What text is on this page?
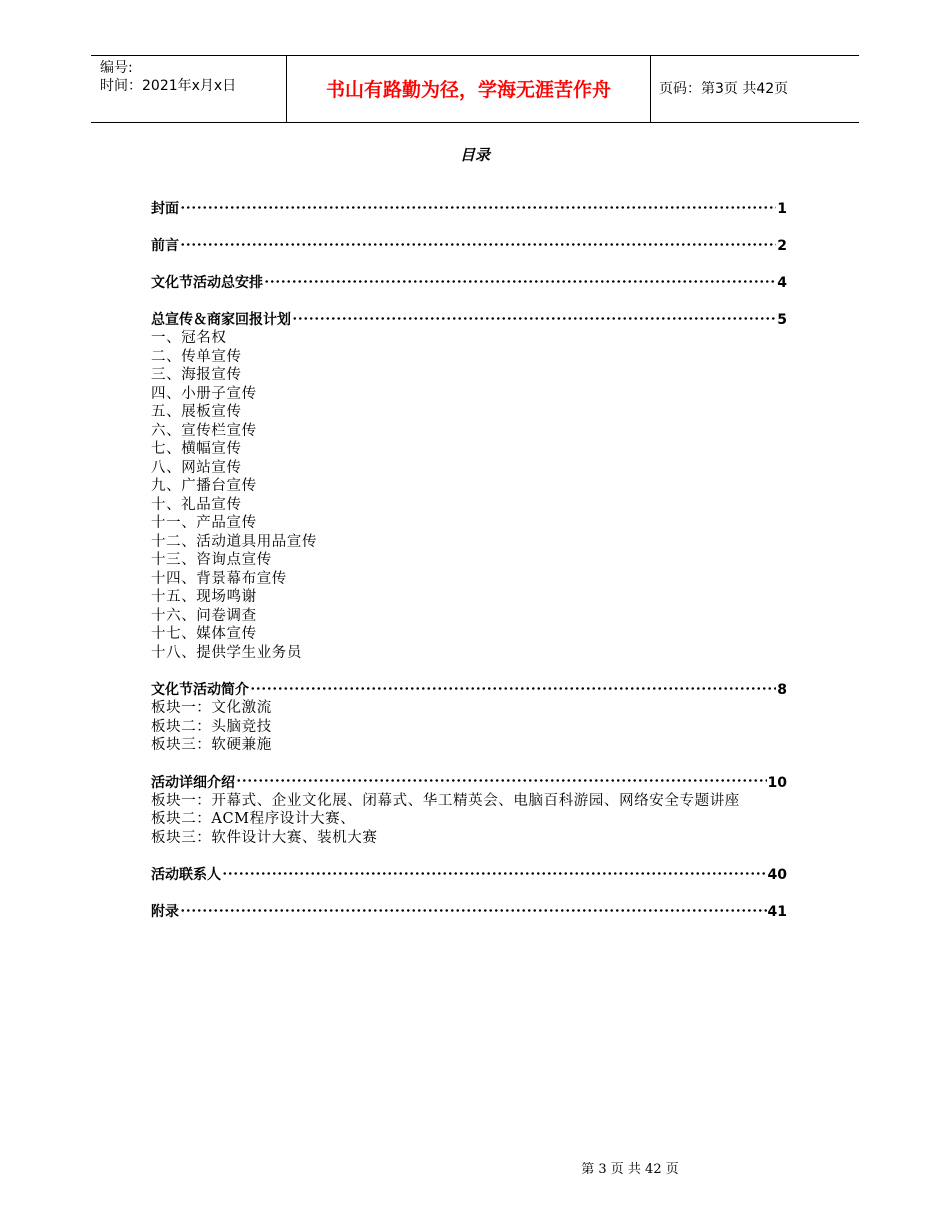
编号:
时间：2021年x月x日	书山有路勤为径，学海无涯苦作舟	页码：第3页 共42页
目录
封面	1
前言	2
文化节活动总安排	4
总宣传＆商家回报计划	5
一、冠名权
二、传单宣传
三、海报宣传
四、小册子宣传
五、展板宣传
六、宣传栏宣传
七、横幅宣传
八、网站宣传
九、广播台宣传
十、礼品宣传
十一、产品宣传
十二、活动道具用品宣传
十三、咨询点宣传
十四、背景幕布宣传
十五、现场鸣谢
十六、问卷调查
十七、媒体宣传
十八、提供学生业务员
文化节活动简介	8
板块一：文化激流
板块二：头脑竞技
板块三：软硬兼施
活动详细介绍	10
板块一：开幕式、企业文化展、闭幕式、华工精英会、电脑百科游园、网络安全专题讲座
板块二：ACM程序设计大赛、
板块三：软件设计大赛、装机大赛
活动联系人	40
附录	41
第 3 页 共 42 页
